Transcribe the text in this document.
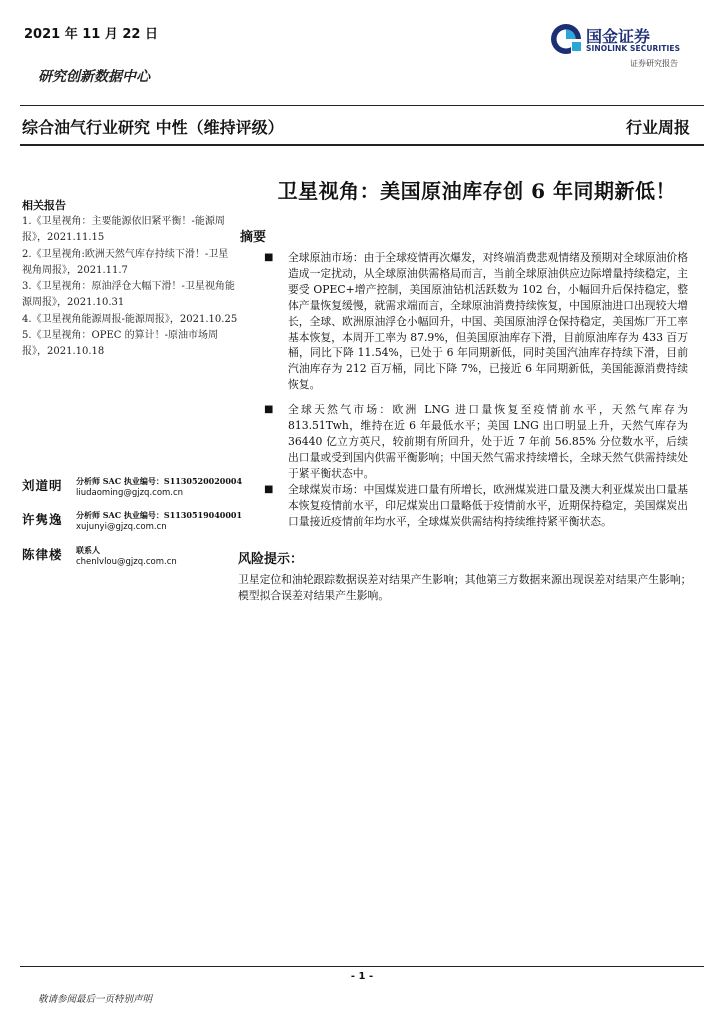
2021 年 11 月 22 日	国金证券
SINOLINK SECURITIES
证券研究报告
研究创新数据中心
综合油气行业研究 中性（维持评级）	行业周报
卫星视角：美国原油库存创 6 年同期新低！
相关报告
1.《卫星视角：主要能源依旧紧平衡！-能源周报》，2021.11.15
2.《卫星视角:欧洲天然气库存持续下滑！-卫星视角周报》，2021.11.7
3.《卫星视角：原油浮仓大幅下滑！-卫星视角能源周报》，2021.10.31
4.《卫星视角能源周报-能源周报》，2021.10.25
5.《卫星视角：OPEC 的算计！-原油市场周报》，2021.10.18
刘道明 分析师 SAC 执业编号：S1130520020004
liudaoming@gjzq.com.cn
许隽逸 分析师 SAC 执业编号：S1130519040001
xujunyi@gjzq.com.cn
陈律楼 联系人
chenlvlou@gjzq.com.cn
摘要
■	全球原油市场：由于全球疫情再次爆发，对终端消费悲观情绪及预期对全球原油价格造成一定扰动，从全球原油供需格局而言，当前全球原油供应边际增量持续稳定，主要受 OPEC+增产控制，美国原油钻机活跃数为 102 台，小幅回升后保持稳定，整体产量恢复缓慢，就需求端而言，全球原油消费持续恢复，中国原油进口出现较大增长，全球、欧洲原油浮仓小幅回升，中国、美国原油浮仓保持稳定，美国炼厂开工率基本恢复，本周开工率为 87.9%，但美国原油库存下滑，目前原油库存为 433 百万桶，同比下降 11.54%，已处于 6 年同期新低，同时美国汽油库存持续下滑，目前汽油库存为 212 百万桶，同比下降 7%，已接近 6 年同期新低，美国能源消费持续恢复。
■	全球天然气市场：欧洲 LNG 进口量恢复至疫情前水平，天然气库存为 813.51Twh，维持在近 6 年最低水平；美国 LNG 出口明显上升，天然气库存为 36440 亿立方英尺，较前期有所回升，处于近 7 年前 56.85% 分位数水平，后续出口量或受到国内供需平衡影响；中国天然气需求持续增长，全球天然气供需持续处于紧平衡状态中。
■	全球煤炭市场：中国煤炭进口量有所增长，欧洲煤炭进口量及澳大利亚煤炭出口量基本恢复疫情前水平，印尼煤炭出口量略低于疫情前水平，近期保持稳定，美国煤炭出口量接近疫情前年均水平，全球煤炭供需结构持续维持紧平衡状态。
风险提示：
卫星定位和油轮跟踪数据误差对结果产生影响；其他第三方数据来源出现误差对结果产生影响；模型拟合误差对结果产生影响。
- 1 -
敬请参阅最后一页特别声明
